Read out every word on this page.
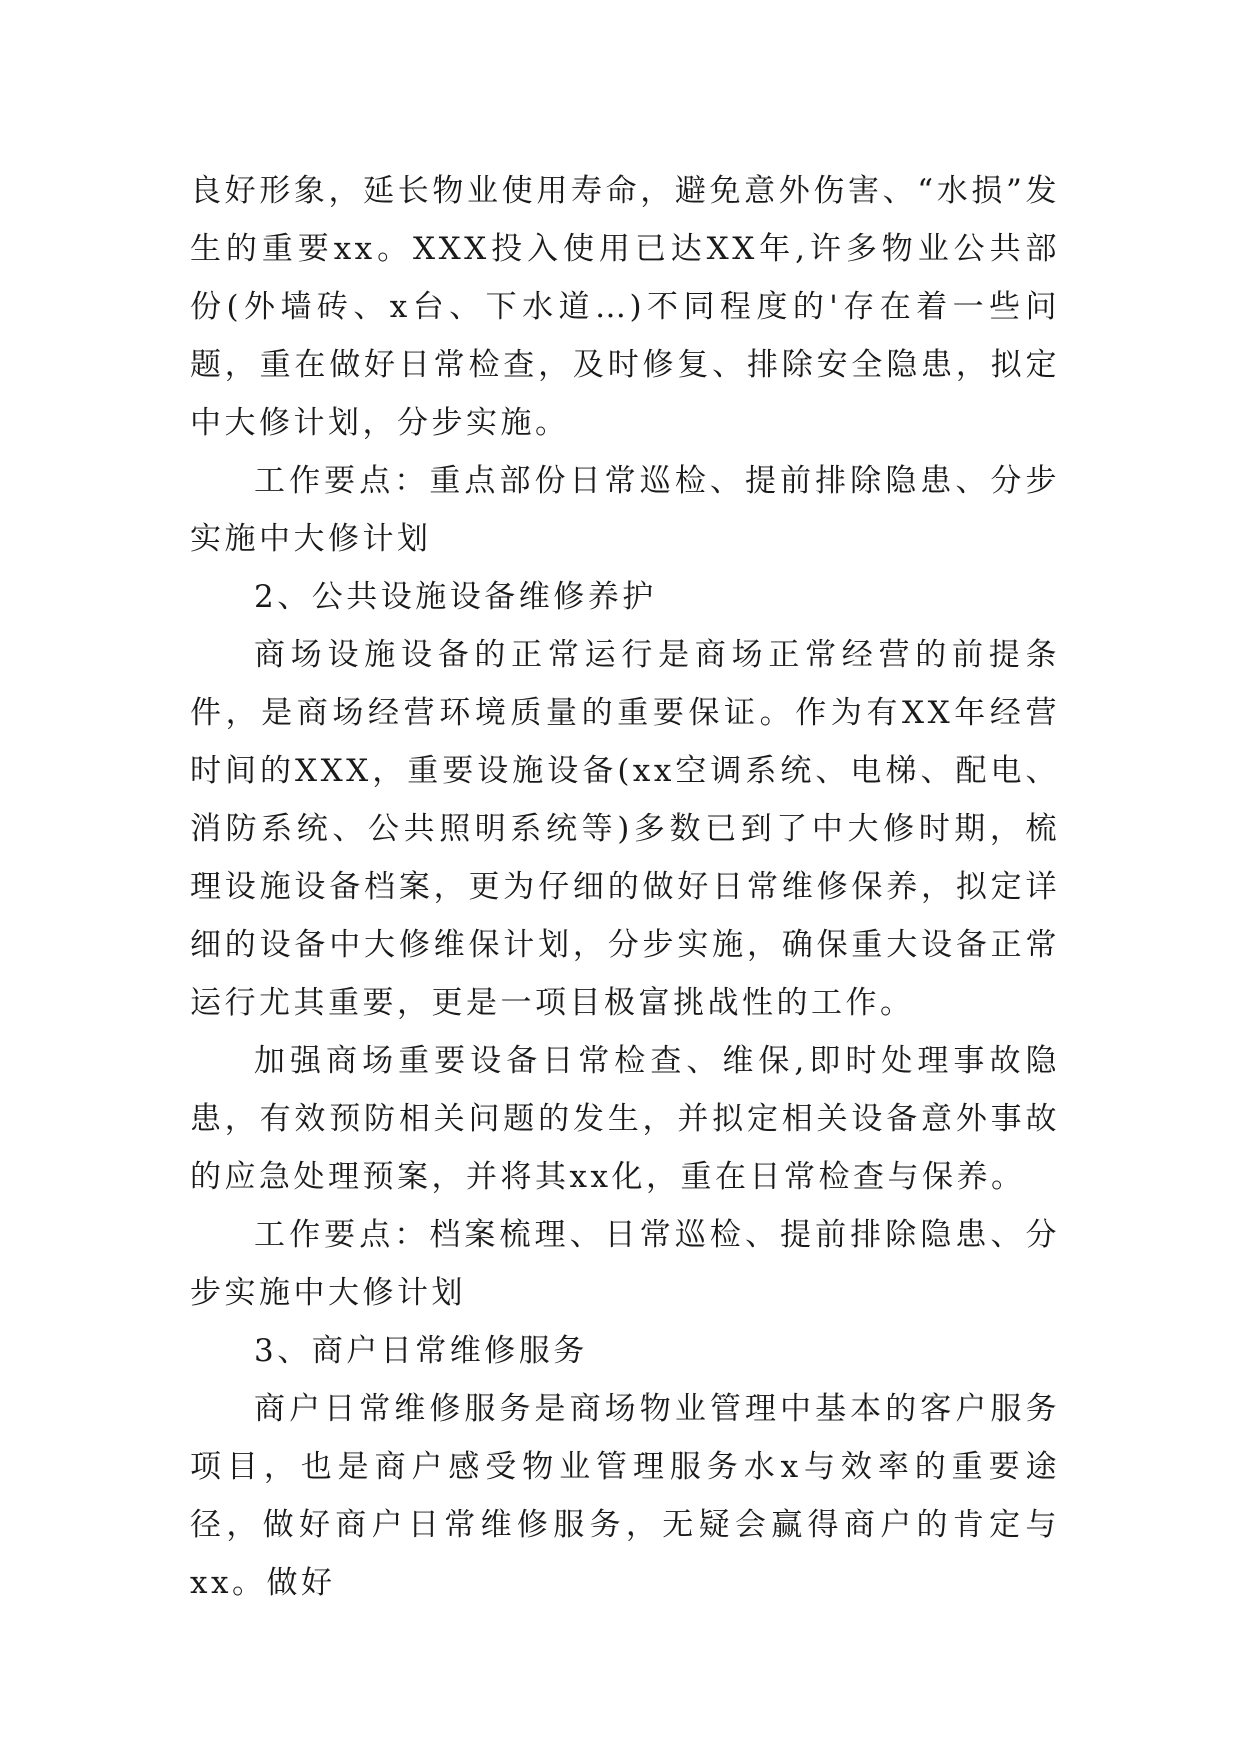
良好形象，延长物业使用寿命，避免意外伤害、“水损”发生的重要xx。XXX投入使用已达XX年,许多物业公共部份(外墙砖、x台、下水道…)不同程度的'存在着一些问题，重在做好日常检查，及时修复、排除安全隐患，拟定中大修计划，分步实施。

工作要点：重点部份日常巡检、提前排除隐患、分步实施中大修计划

2、公共设施设备维修养护

商场设施设备的正常运行是商场正常经营的前提条件，是商场经营环境质量的重要保证。作为有XX年经营时间的XXX，重要设施设备(xx空调系统、电梯、配电、消防系统、公共照明系统等)多数已到了中大修时期，梳理设施设备档案，更为仔细的做好日常维修保养，拟定详细的设备中大修维保计划，分步实施，确保重大设备正常运行尤其重要，更是一项目极富挑战性的工作。

加强商场重要设备日常检查、维保,即时处理事故隐患，有效预防相关问题的发生，并拟定相关设备意外事故的应急处理预案，并将其xx化，重在日常检查与保养。

工作要点：档案梳理、日常巡检、提前排除隐患、分步实施中大修计划

3、商户日常维修服务

商户日常维修服务是商场物业管理中基本的客户服务项目，也是商户感受物业管理服务水x与效率的重要途径，做好商户日常维修服务，无疑会赢得商户的肯定与xx。做好
